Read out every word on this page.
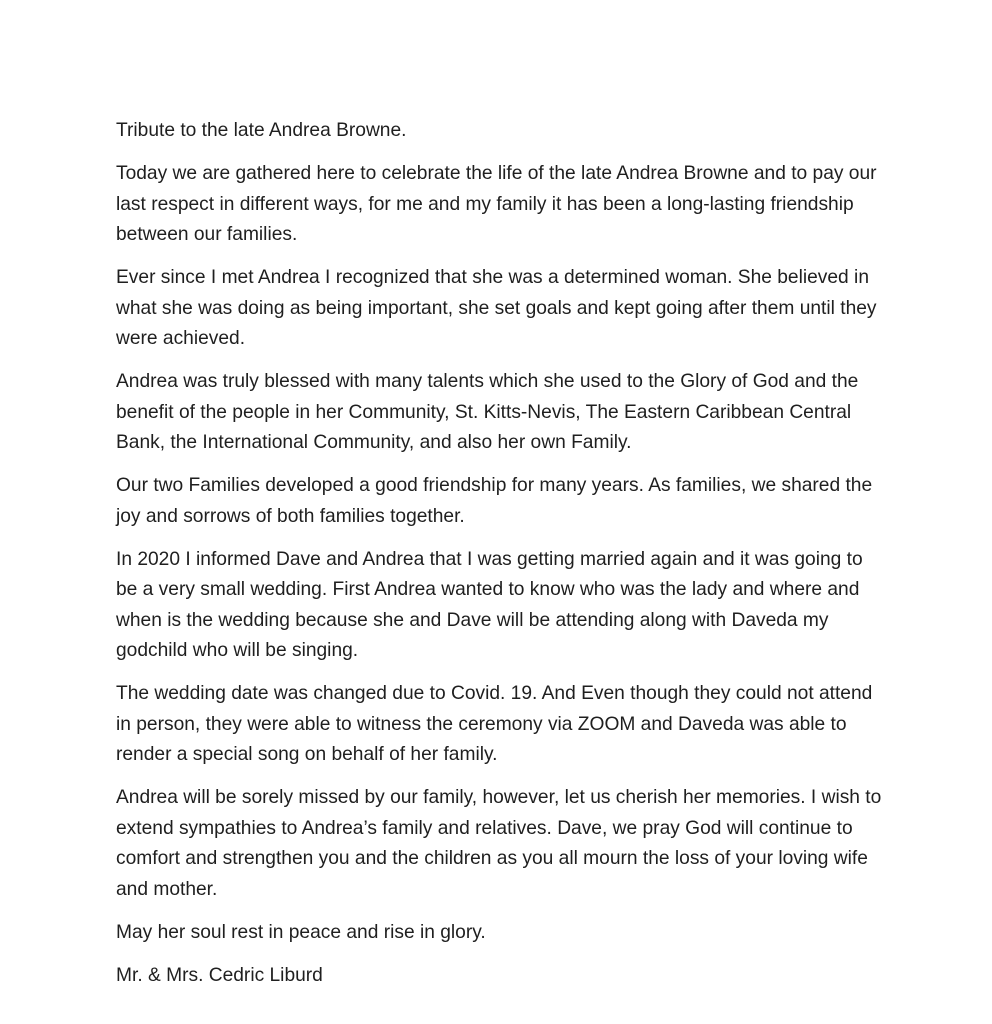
Tribute to the late Andrea Browne.

Today we are gathered here to celebrate the life of the late Andrea Browne and to pay our last respect in different ways, for me and my family it has been a long-lasting friendship between our families.

Ever since I met Andrea I recognized that she was a determined woman. She believed in what she was doing as being important, she set goals and kept going after them until they were achieved.

Andrea was truly blessed with many talents which she used to the Glory of God and the benefit of the people in her Community, St. Kitts-Nevis, The Eastern Caribbean Central Bank, the International Community, and also her own Family.

Our two Families developed a good friendship for many years. As families, we shared the joy and sorrows of both families together.

In 2020 I informed Dave and Andrea that I was getting married again and it was going to be a very small wedding. First Andrea wanted to know who was the lady and where and when is the wedding because she and Dave will be attending along with Daveda my godchild who will be singing.

The wedding date was changed due to Covid. 19. And Even though they could not attend in person, they were able to witness the ceremony via ZOOM and Daveda was able to render a special song on behalf of her family.

Andrea will be sorely missed by our family, however, let us cherish her memories. I wish to extend sympathies to Andrea’s family and relatives. Dave, we pray God will continue to comfort and strengthen you and the children as you all mourn the loss of your loving wife and mother.

May her soul rest in peace and rise in glory.

Mr. & Mrs. Cedric Liburd
